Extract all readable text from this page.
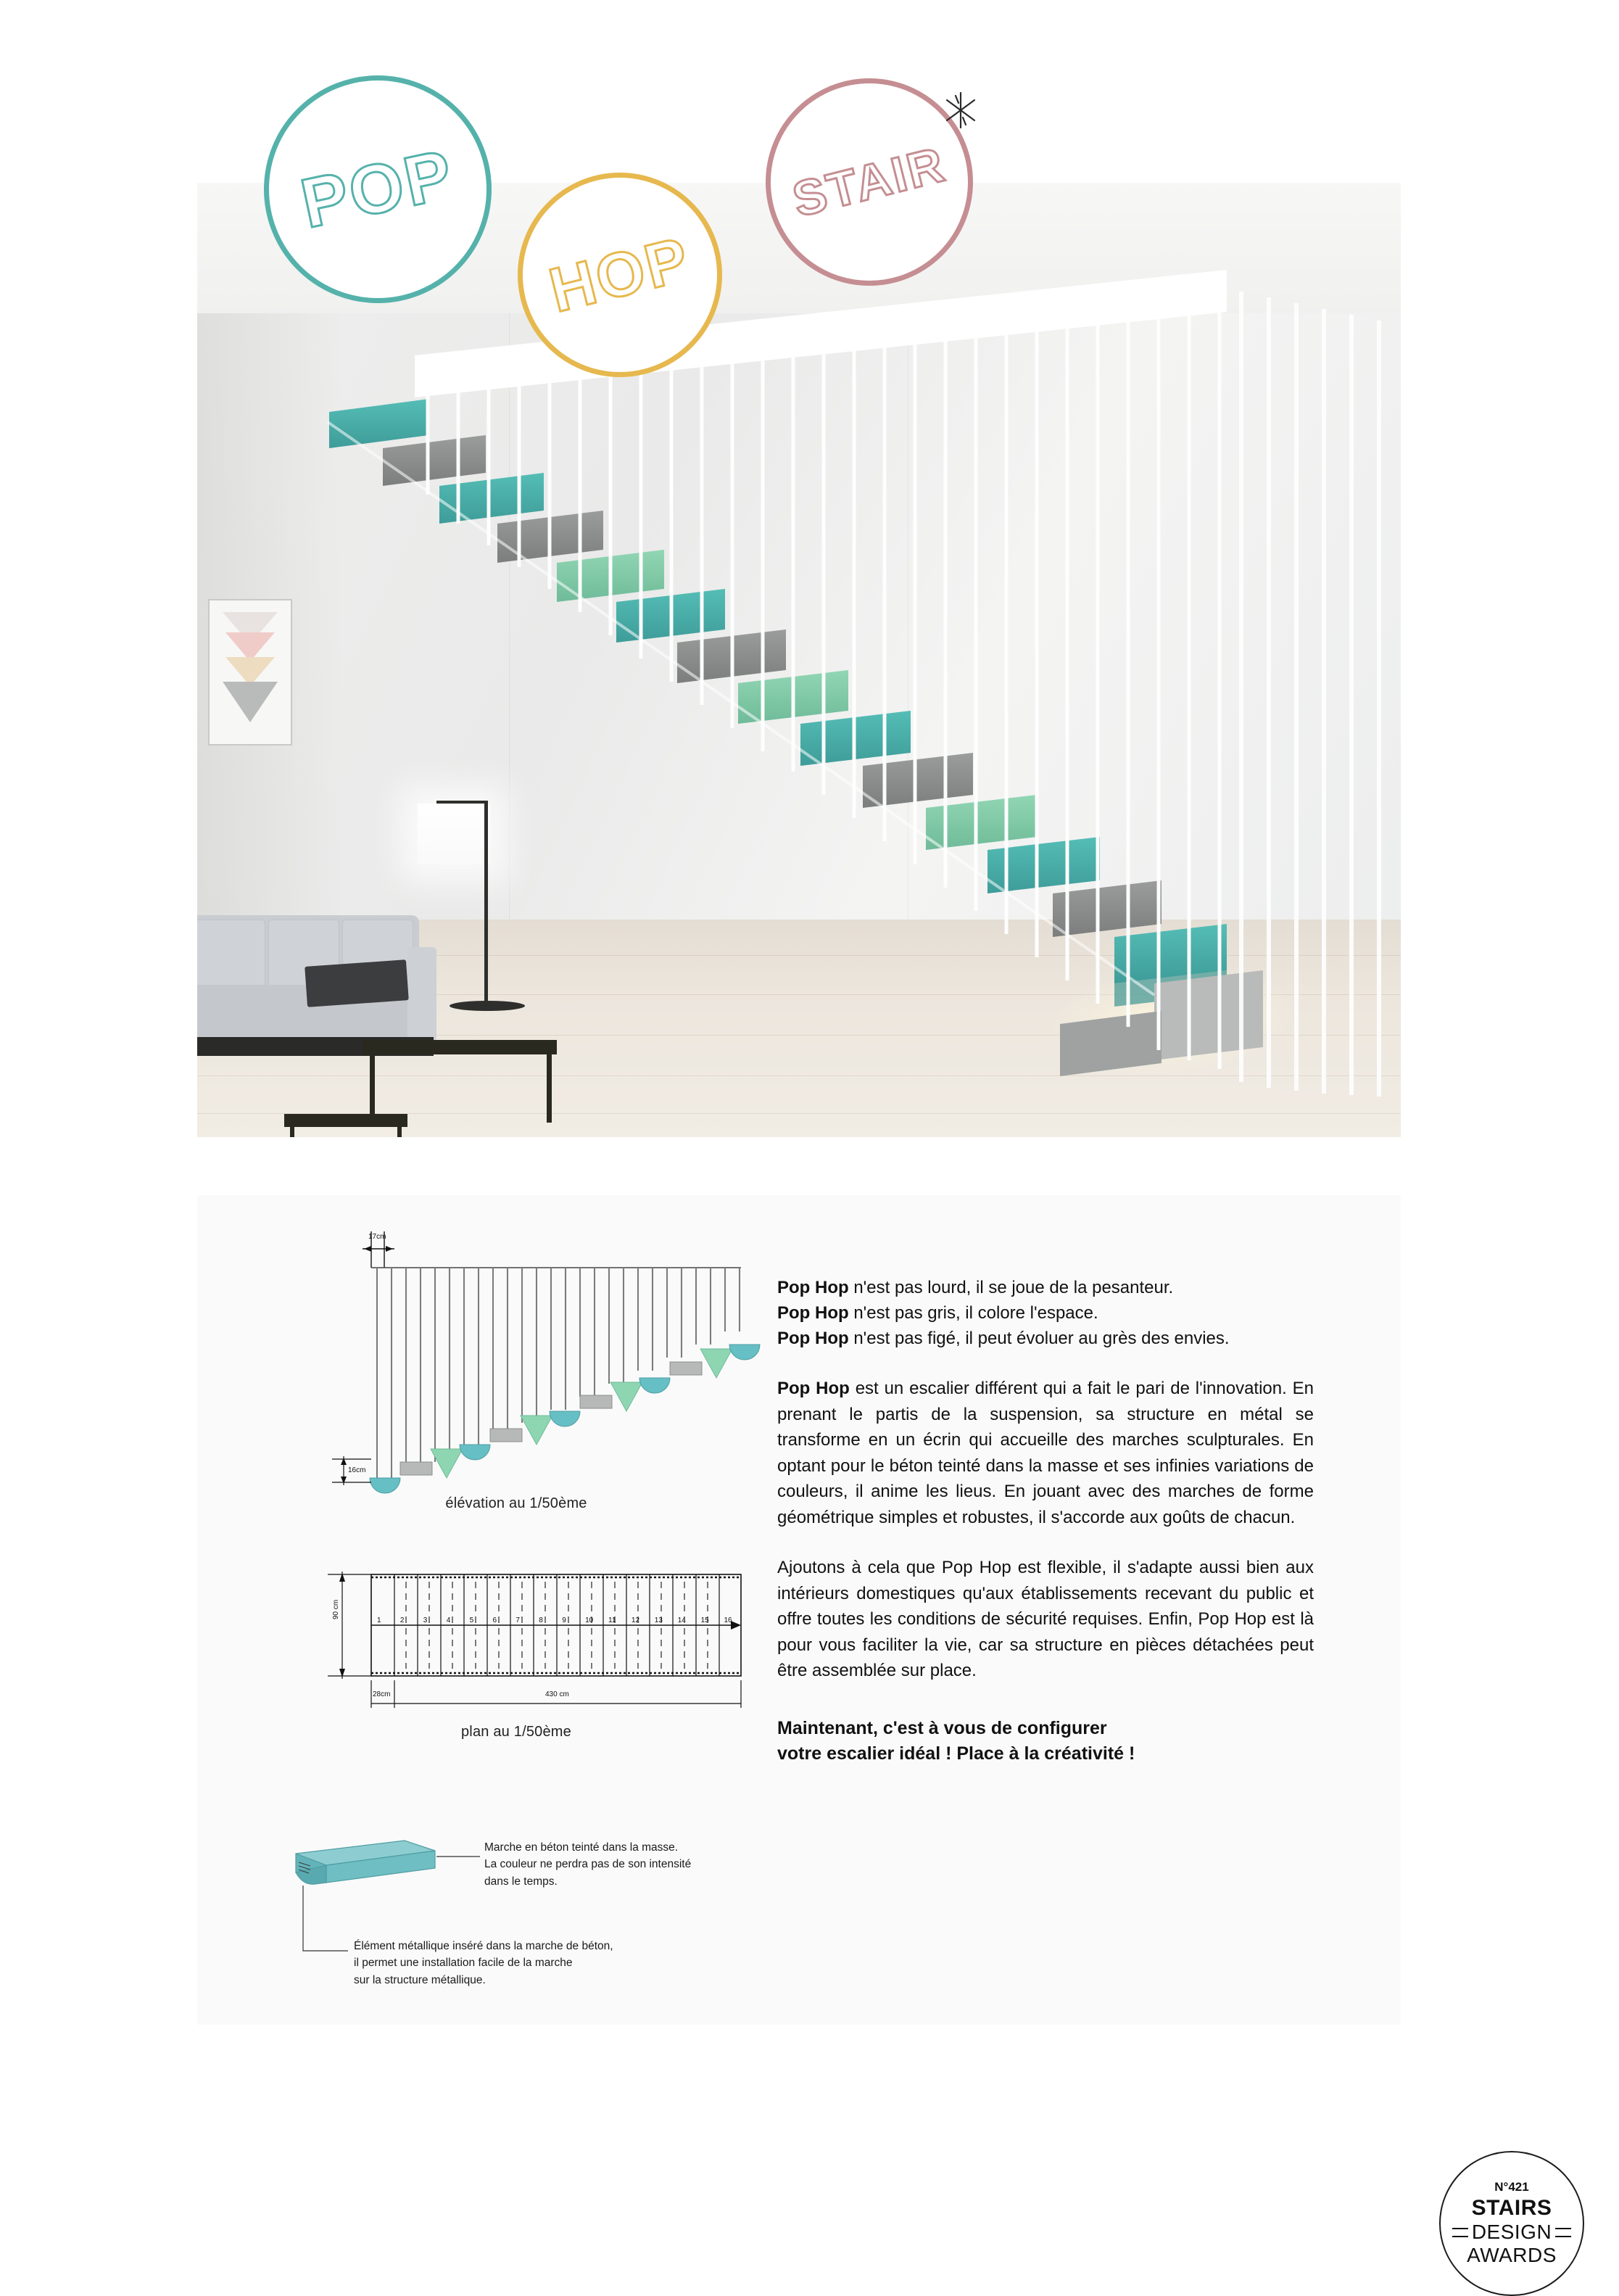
STAIR
16cm
17cm
élévation au 1/50ème
90 cm
28cm	430 cm
1	2	3	4	5	6	7	8	9	10 11 12 13 14 15 16
plan au 1/50ème
Marche en béton teinté dans la masse.
La couleur ne perdra pas de son intensité
dans le temps.
Élément métallique inséré dans la marche de béton,
il permet une installation facile de la marche
sur la structure métallique.

Pop Hop n'est pas lourd, il se joue de la pesanteur.

Pop Hop n'est pas gris, il colore l'espace.

Pop Hop n'est pas figé, il peut évoluer au grès des envies.

Pop Hop est un escalier différent qui a fait le pari de l'innovation. En prenant le partis de la suspension, sa structure en métal se transforme en un écrin qui accueille des marches sculpturales. En optant pour le béton teinté dans la masse et ses infinies variations de couleurs, il anime les lieus. En jouant avec des marches de forme géométrique simples et robustes, il s'accorde aux goûts de chacun.

Ajoutons à cela que Pop Hop est flexible, il s'adapte aussi bien aux intérieurs domestiques qu'aux établissements recevant du public et offre toutes les conditions de sécurité requises. Enfin, Pop Hop est là pour vous faciliter la vie, car sa structure en pièces détachées peut être assemblée sur place.

Maintenant, c'est à vous de configurer
votre escalier idéal ! Place à la créativité !
N°421
STAIRS
DESIGN
AWARDS
